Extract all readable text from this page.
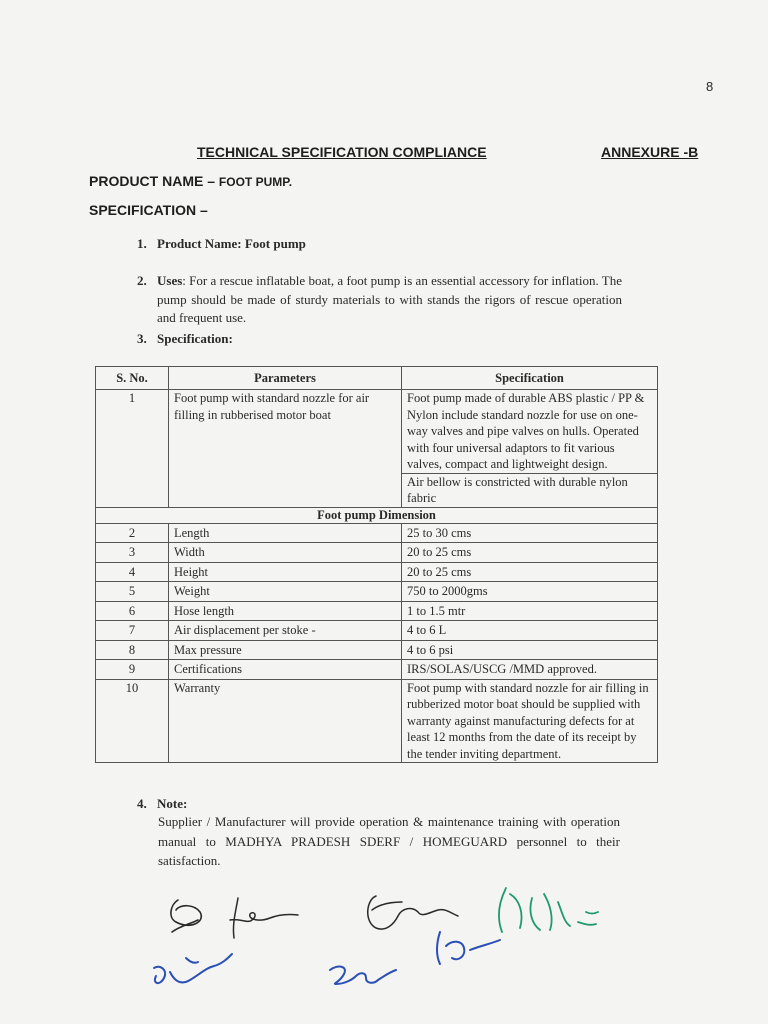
8
TECHNICAL SPECIFICATION COMPLIANCE	ANNEXURE -B
PRODUCT NAME – FOOT PUMP.
SPECIFICATION –
1. Product Name: Foot pump
2. Uses: For a rescue inflatable boat, a foot pump is an essential accessory for inflation. The pump should be made of sturdy materials to with stands the rigors of rescue operation and frequent use.
3. Specification:
S. No.	Parameters	Specification
1	Foot pump with standard nozzle for air filling in rubberised motor boat	Foot pump made of durable ABS plastic / PP & Nylon include standard nozzle for use on one-way valves and pipe valves on hulls. Operated with four universal adaptors to fit various valves, compact and lightweight design.
		Air bellow is constricted with durable nylon fabric
Foot pump Dimension		
2	Length	25 to 30 cms
3	Width	20 to 25 cms
4	Height	20 to 25 cms
5	Weight	750 to 2000gms
6	Hose length	1 to 1.5 mtr
7	Air displacement per stoke -	4 to 6 L
8	Max pressure	4 to 6 psi
9	Certifications	IRS/SOLAS/USCG /MMD approved.
10	Warranty	Foot pump with standard nozzle for air filling in rubberized motor boat should be supplied with warranty against manufacturing defects for at least 12 months from the date of its receipt by the tender inviting department.
4. Note:
Supplier / Manufacturer will provide operation & maintenance training with operation manual to MADHYA PRADESH SDERF / HOMEGUARD personnel to their satisfaction.
